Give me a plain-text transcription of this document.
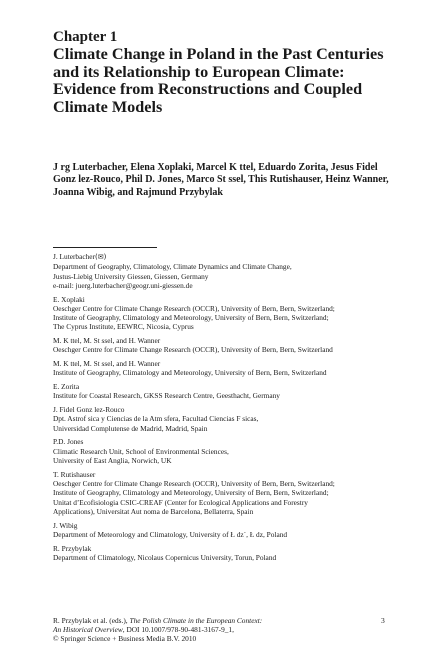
Chapter 1
Climate Change in Poland in the Past Centuries and its Relationship to European Climate: Evidence from Reconstructions and Coupled Climate Models
J rg Luterbacher, Elena Xoplaki, Marcel K ttel, Eduardo Zorita, Jesus Fidel Gonz lez-Rouco, Phil D. Jones, Marco St ssel, This Rutishauser, Heinz Wanner, Joanna Wibig, and Rajmund Przybylak
J. Luterbacher(✉)
Department of Geography, Climatology, Climate Dynamics and Climate Change,
Justus-Liebig University Giessen, Giessen, Germany
e-mail: juerg.luterbacher@geogr.uni-giessen.de
E. Xoplaki
Oeschger Centre for Climate Change Research (OCCR), University of Bern, Bern, Switzerland;
Institute of Geography, Climatology and Meteorology, University of Bern, Bern, Switzerland;
The Cyprus Institute, EEWRC, Nicosia, Cyprus
M. K ttel, M. St ssel, and H. Wanner
Oeschger Centre for Climate Change Research (OCCR), University of Bern, Bern, Switzerland
M. K ttel, M. St ssel, and H. Wanner
Institute of Geography, Climatology and Meteorology, University of Bern, Bern, Switzerland
E. Zorita
Institute for Coastal Research, GKSS Research Centre, Geesthacht, Germany
J. Fidel Gonz lez-Rouco
Dpt. Astrof sica y Ciencias de la Atm sfera, Facultad Ciencias F sicas,
Universidad Complutense de Madrid, Madrid, Spain
P.D. Jones
Climatic Research Unit, School of Environmental Sciences,
University of East Anglia, Norwich, UK
T. Rutishauser
Oeschger Centre for Climate Change Research (OCCR), University of Bern, Bern, Switzerland;
Institute of Geography, Climatology and Meteorology, University of Bern, Bern, Switzerland;
Unitat d’Ecofisiologia CSIC-CREAF (Center for Ecological Applications and Forestry
Applications), Universitat Aut noma de Barcelona, Bellaterra, Spain
J. Wibig
Department of Meteorology and Climatology, University of Ł dz´, Ł dz, Poland
R. Przybylak
Department of Climatology, Nicolaus Copernicus University, Torun, Poland
R. Przybylak et al. (eds.), The Polish Climate in the European Context:
An Historical Overview, DOI 10.1007/978-90-481-3167-9_1,
© Springer Science + Business Media B.V. 2010
3
